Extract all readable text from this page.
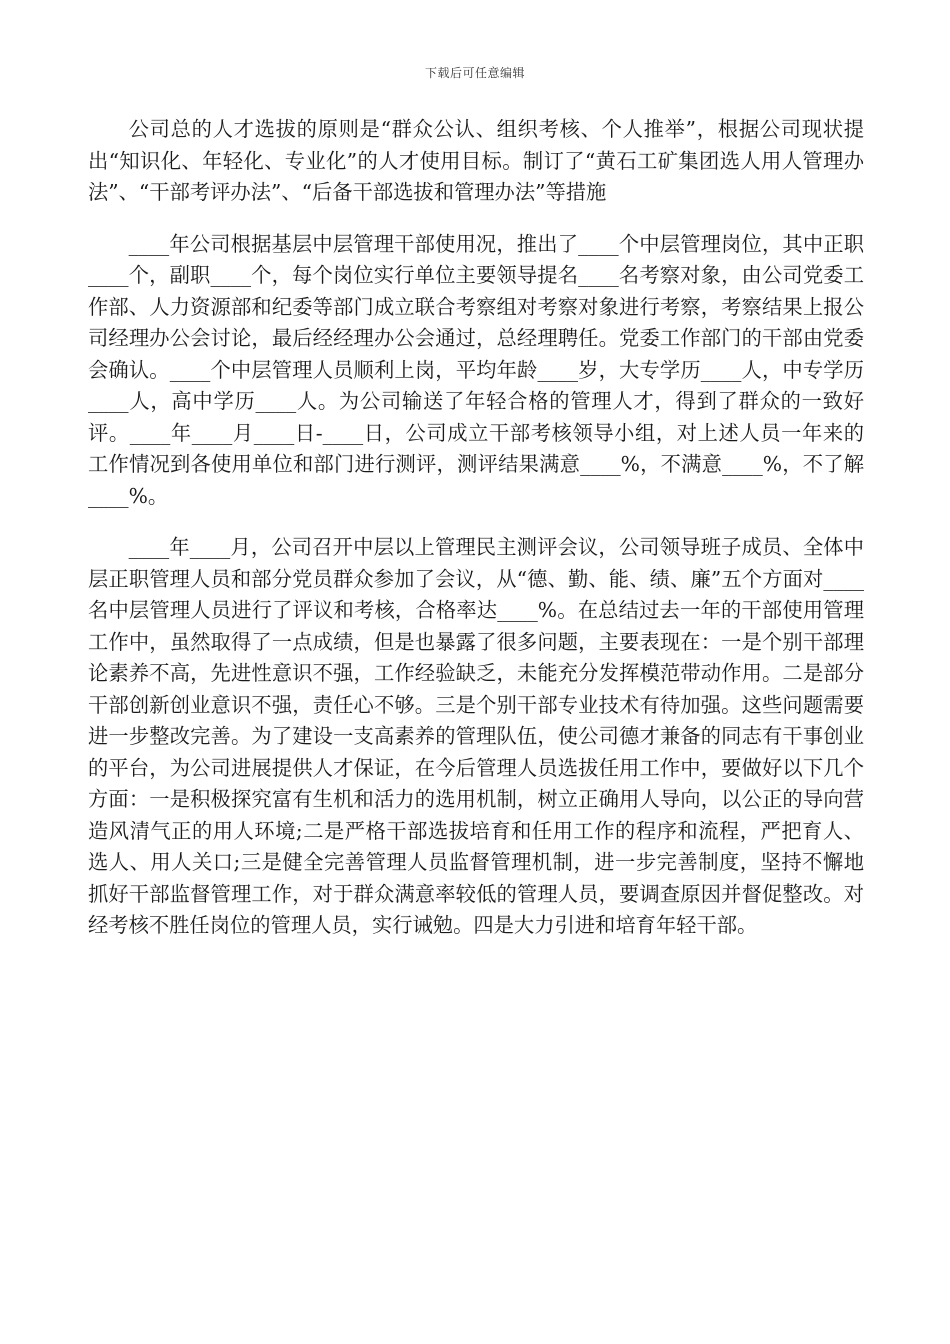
下载后可任意编辑

公司总的人才选拔的原则是“群众公认、组织考核、个人推举”，根据公司现状提出“知识化、年轻化、专业化”的人才使用目标。制订了“黄石工矿集团选人用人管理办法”、“干部考评办法”、“后备干部选拔和管理办法”等措施

____年公司根据基层中层管理干部使用况，推出了____个中层管理岗位，其中正职____个，副职____个，每个岗位实行单位主要领导提名____名考察对象，由公司党委工作部、人力资源部和纪委等部门成立联合考察组对考察对象进行考察，考察结果上报公司经理办公会讨论，最后经经理办公会通过，总经理聘任。党委工作部门的干部由党委会确认。____个中层管理人员顺利上岗，平均年龄____岁，大专学历____人，中专学历____人，高中学历____人。为公司输送了年轻合格的管理人才，得到了群众的一致好评。____年____月____日-____日，公司成立干部考核领导小组，对上述人员一年来的工作情况到各使用单位和部门进行测评，测评结果满意____%，不满意____%，不了解____%。

____年____月，公司召开中层以上管理民主测评会议，公司领导班子成员、全体中层正职管理人员和部分党员群众参加了会议，从“德、勤、能、绩、廉”五个方面对____名中层管理人员进行了评议和考核，合格率达____%。在总结过去一年的干部使用管理工作中，虽然取得了一点成绩，但是也暴露了很多问题，主要表现在：一是个别干部理论素养不高，先进性意识不强，工作经验缺乏，未能充分发挥模范带动作用。二是部分干部创新创业意识不强，责任心不够。三是个别干部专业技术有待加强。这些问题需要进一步整改完善。为了建设一支高素养的管理队伍，使公司德才兼备的同志有干事创业的平台，为公司进展提供人才保证，在今后管理人员选拔任用工作中，要做好以下几个方面：一是积极探究富有生机和活力的选用机制，树立正确用人导向，以公正的导向营造风清气正的用人环境;二是严格干部选拔培育和任用工作的程序和流程，严把育人、选人、用人关口;三是健全完善管理人员监督管理机制，进一步完善制度，坚持不懈地抓好干部监督管理工作，对于群众满意率较低的管理人员，要调查原因并督促整改。对经考核不胜任岗位的管理人员，实行诫勉。四是大力引进和培育年轻干部。
